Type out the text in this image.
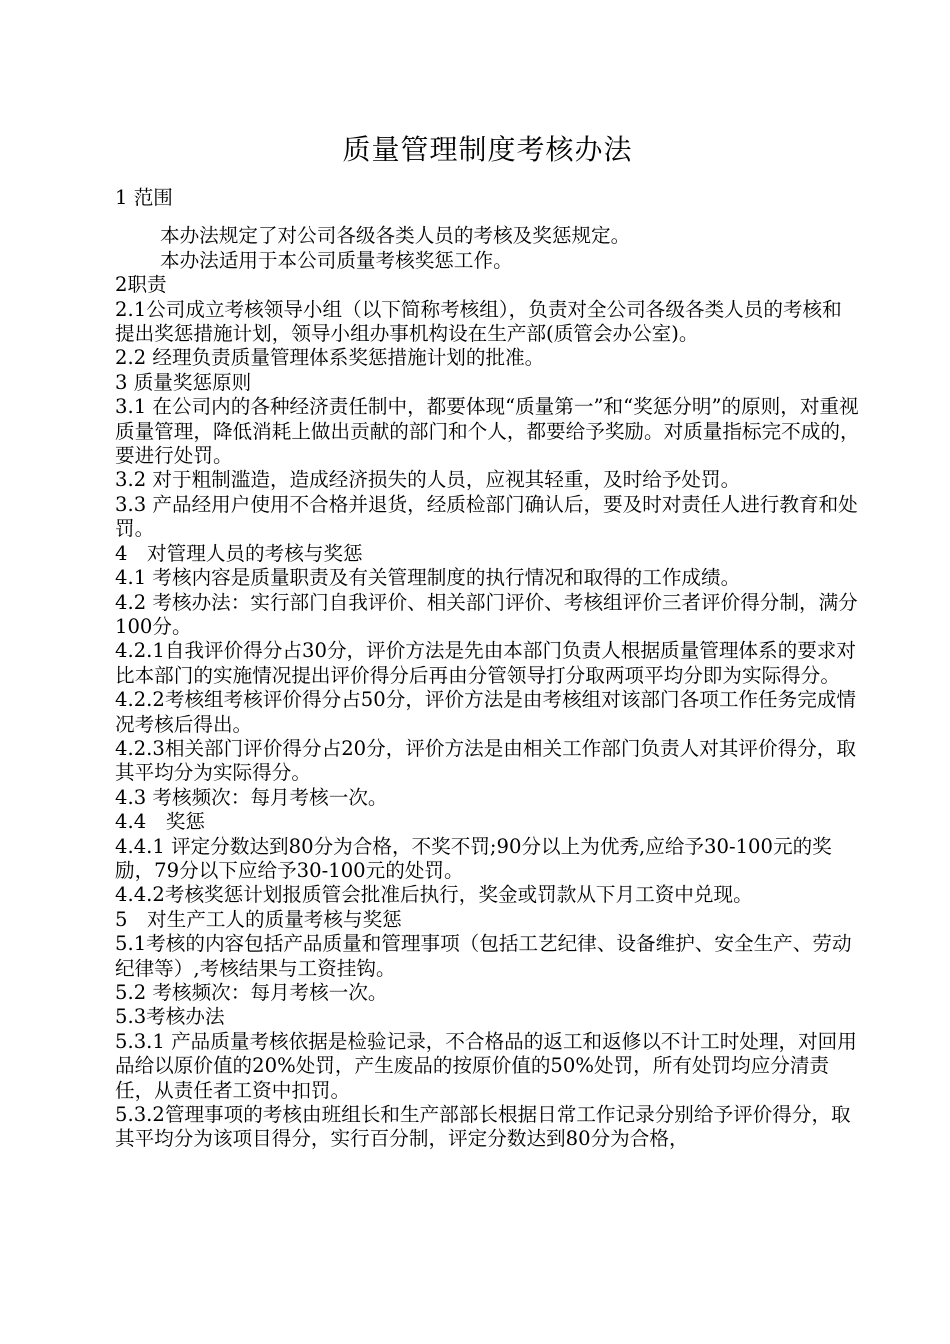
质量管理制度考核办法

1 范围

本办法规定了对公司各级各类人员的考核及奖惩规定。

本办法适用于本公司质量考核奖惩工作。

2职责

2.1公司成立考核领导小组（以下简称考核组），负责对全公司各级各类人员的考核和提出奖惩措施计划，领导小组办事机构设在生产部(质管会办公室)。

2.2 经理负责质量管理体系奖惩措施计划的批准。

3 质量奖惩原则

3.1 在公司内的各种经济责任制中，都要体现“质量第一”和“奖惩分明”的原则，对重视质量管理，降低消耗上做出贡献的部门和个人，都要给予奖励。对质量指标完不成的，要进行处罚。

3.2 对于粗制滥造，造成经济损失的人员，应视其轻重，及时给予处罚。

3.3 产品经用户使用不合格并退货，经质检部门确认后，要及时对责任人进行教育和处罚。

4　对管理人员的考核与奖惩

4.1 考核内容是质量职责及有关管理制度的执行情况和取得的工作成绩。

4.2 考核办法：实行部门自我评价、相关部门评价、考核组评价三者评价得分制，满分100分。

4.2.1自我评价得分占30分，评价方法是先由本部门负责人根据质量管理体系的要求对比本部门的实施情况提出评价得分后再由分管领导打分取两项平均分即为实际得分。

4.2.2考核组考核评价得分占50分，评价方法是由考核组对该部门各项工作任务完成情况考核后得出。

4.2.3相关部门评价得分占20分，评价方法是由相关工作部门负责人对其评价得分，取其平均分为实际得分。

4.3 考核频次：每月考核一次。

4.4　奖惩

4.4.1 评定分数达到80分为合格，不奖不罚;90分以上为优秀,应给予30-100元的奖励，79分以下应给予30-100元的处罚。

4.4.2考核奖惩计划报质管会批准后执行，奖金或罚款从下月工资中兑现。

5　对生产工人的质量考核与奖惩

5.1考核的内容包括产品质量和管理事项（包括工艺纪律、设备维护、安全生产、劳动纪律等）,考核结果与工资挂钩。

5.2 考核频次：每月考核一次。

5.3考核办法

5.3.1 产品质量考核依据是检验记录，不合格品的返工和返修以不计工时处理，对回用品给以原价值的20%处罚，产生废品的按原价值的50%处罚，所有处罚均应分清责任，从责任者工资中扣罚。

5.3.2管理事项的考核由班组长和生产部部长根据日常工作记录分别给予评价得分，取其平均分为该项目得分，实行百分制，评定分数达到80分为合格，
